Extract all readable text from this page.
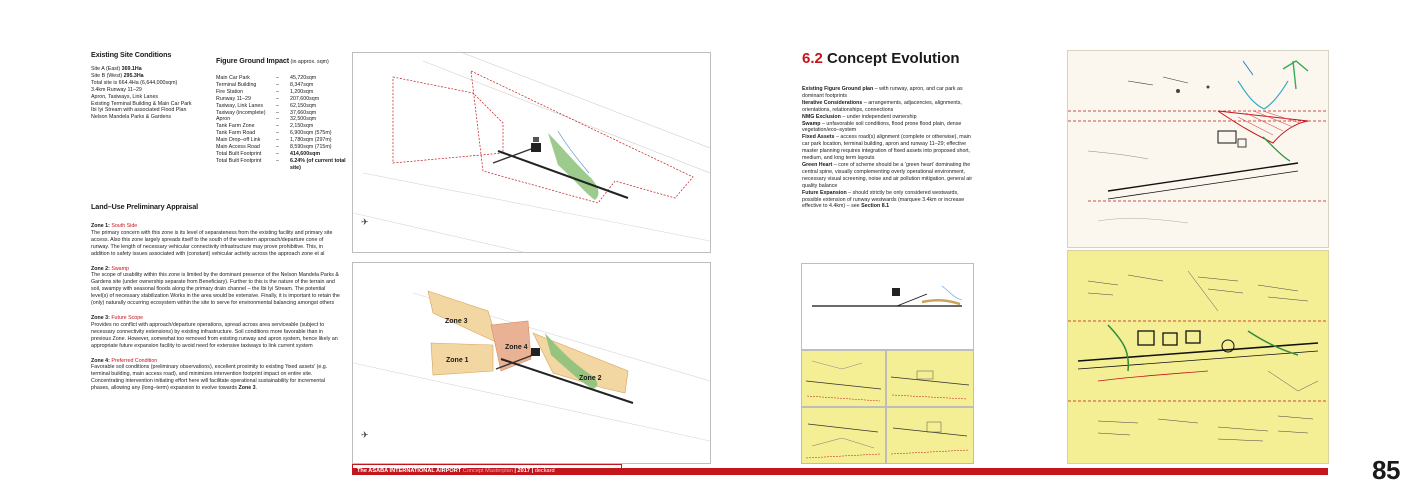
Existing Site Conditions
Site A (East) 369.1Ha
Site B (West) 295.3Ha
Total site is 664.4Ha (6,644,000sqm)
3.4km Runway 11–29
Apron, Taxiways, Link Lanes
Existing Terminal Building & Main Car Park
Ibi Iyi Stream with associated Flood Plan
Nelson Mandela Parks & Gardens
Figure Ground Impact (in approx. sqm)
Main Car Park	–	45,720sqm
Terminal Building	–	8,347sqm
Fire Station	–	1,200sqm
Runway 11–29	–	207,600sqm
Taxiway, Link Lanes	–	62,150sqm
Taxiway (incomplete)	–	37,660sqm
Apron	–	32,500sqm
Tank Farm Zone	–	2,150sqm
Tank Farm Road	–	6,900sqm (575m)
Main Drop–off Link	–	1,780sqm (297m)
Main Access Road	–	8,590sqm (715m)
Total Built Footprint	–	414,600sqm
Total Built Footprint	–	6.24% (of current total site)
Land–Use Preliminary Appraisal
Zone 1: South Side
The primary concern with this zone is its level of separateness from the existing facility and primary site access. Also this zone largely spreads itself to the south of the western approach/departure cone of runway. The length of necessary vehicular connectivity infrastructure may prove prohibitive. This, in addition to safety issues associated with (constant) vehicular activity across the approach zone et al
Zone 2: Swamp
The scope of usability within this zone is limited by the dominant presence of the Nelson Mandela Parks & Gardens site (under ownership separate from Beneficiary). Further to this is the nature of the terrain and soil, swampy with seasonal floods along the primary drain channel – the Ibi Iyi Stream. The potential level(s) of necessary stabilization Works in the area would be extensive. Finally, it is important to retain the (only) naturally occurring ecosystem within the site to serve for environmental balancing amongst others
Zone 3: Future Scope
Provides no conflict with approach/departure operations, spread across area serviceable (subject to necessary connectivity extensions) by existing infrastructure. Soil conditions more favorable than in previous Zone. However, somewhat too removed from existing runway and apron system, hence likely an appropriate future expansion facility to avoid need for extensive taxiways to link current system
Zone 4: Preferred Condition
Favorable soil conditions (preliminary observations), excellent proximity to existing ‘fixed assets’ (e.g. terminal building, main access road), and minimizes intervention footprint impact on entire site. Concentrating intervention initiating effort here will facilitate operational sustainability for incremental phases, allowing any (long–term) expansion to evolve towards Zone 3.
✈
✈
Zone 3
Zone 4
Zone 1
Zone 2
6.2 Concept Evolution
Existing Figure Ground plan – with runway, apron, and car park as dominant footprints
Iterative Considerations – arrangements, adjacencies, alignments, orientations, relationships, connections
NMG Exclusion – under independent ownership
Swamp – unfavorable soil conditions, flood prone flood plain, dense vegetation/eco–system
Fixed Assets – access road(s) alignment (complete or otherwise), main car park location, terminal building, apron and runway 11–29; effective master planning requires integration of fixed assets into proposed short, medium, and long term layouts
Green Heart – core of scheme should be a ‘green heart’ dominating the central spine, visually complementing overly operational environment, necessary visual screening, noise and air pollution mitigation, general air quality balance
Future Expansion – should strictly be only considered westwards, possible extension of runway westwards (marquee 3.4km or increase effective to 4.4km) – see Section 8.1
The ASABA INTERNATIONAL AIRPORT Concept Masterplan | 2017 | deckard	85
